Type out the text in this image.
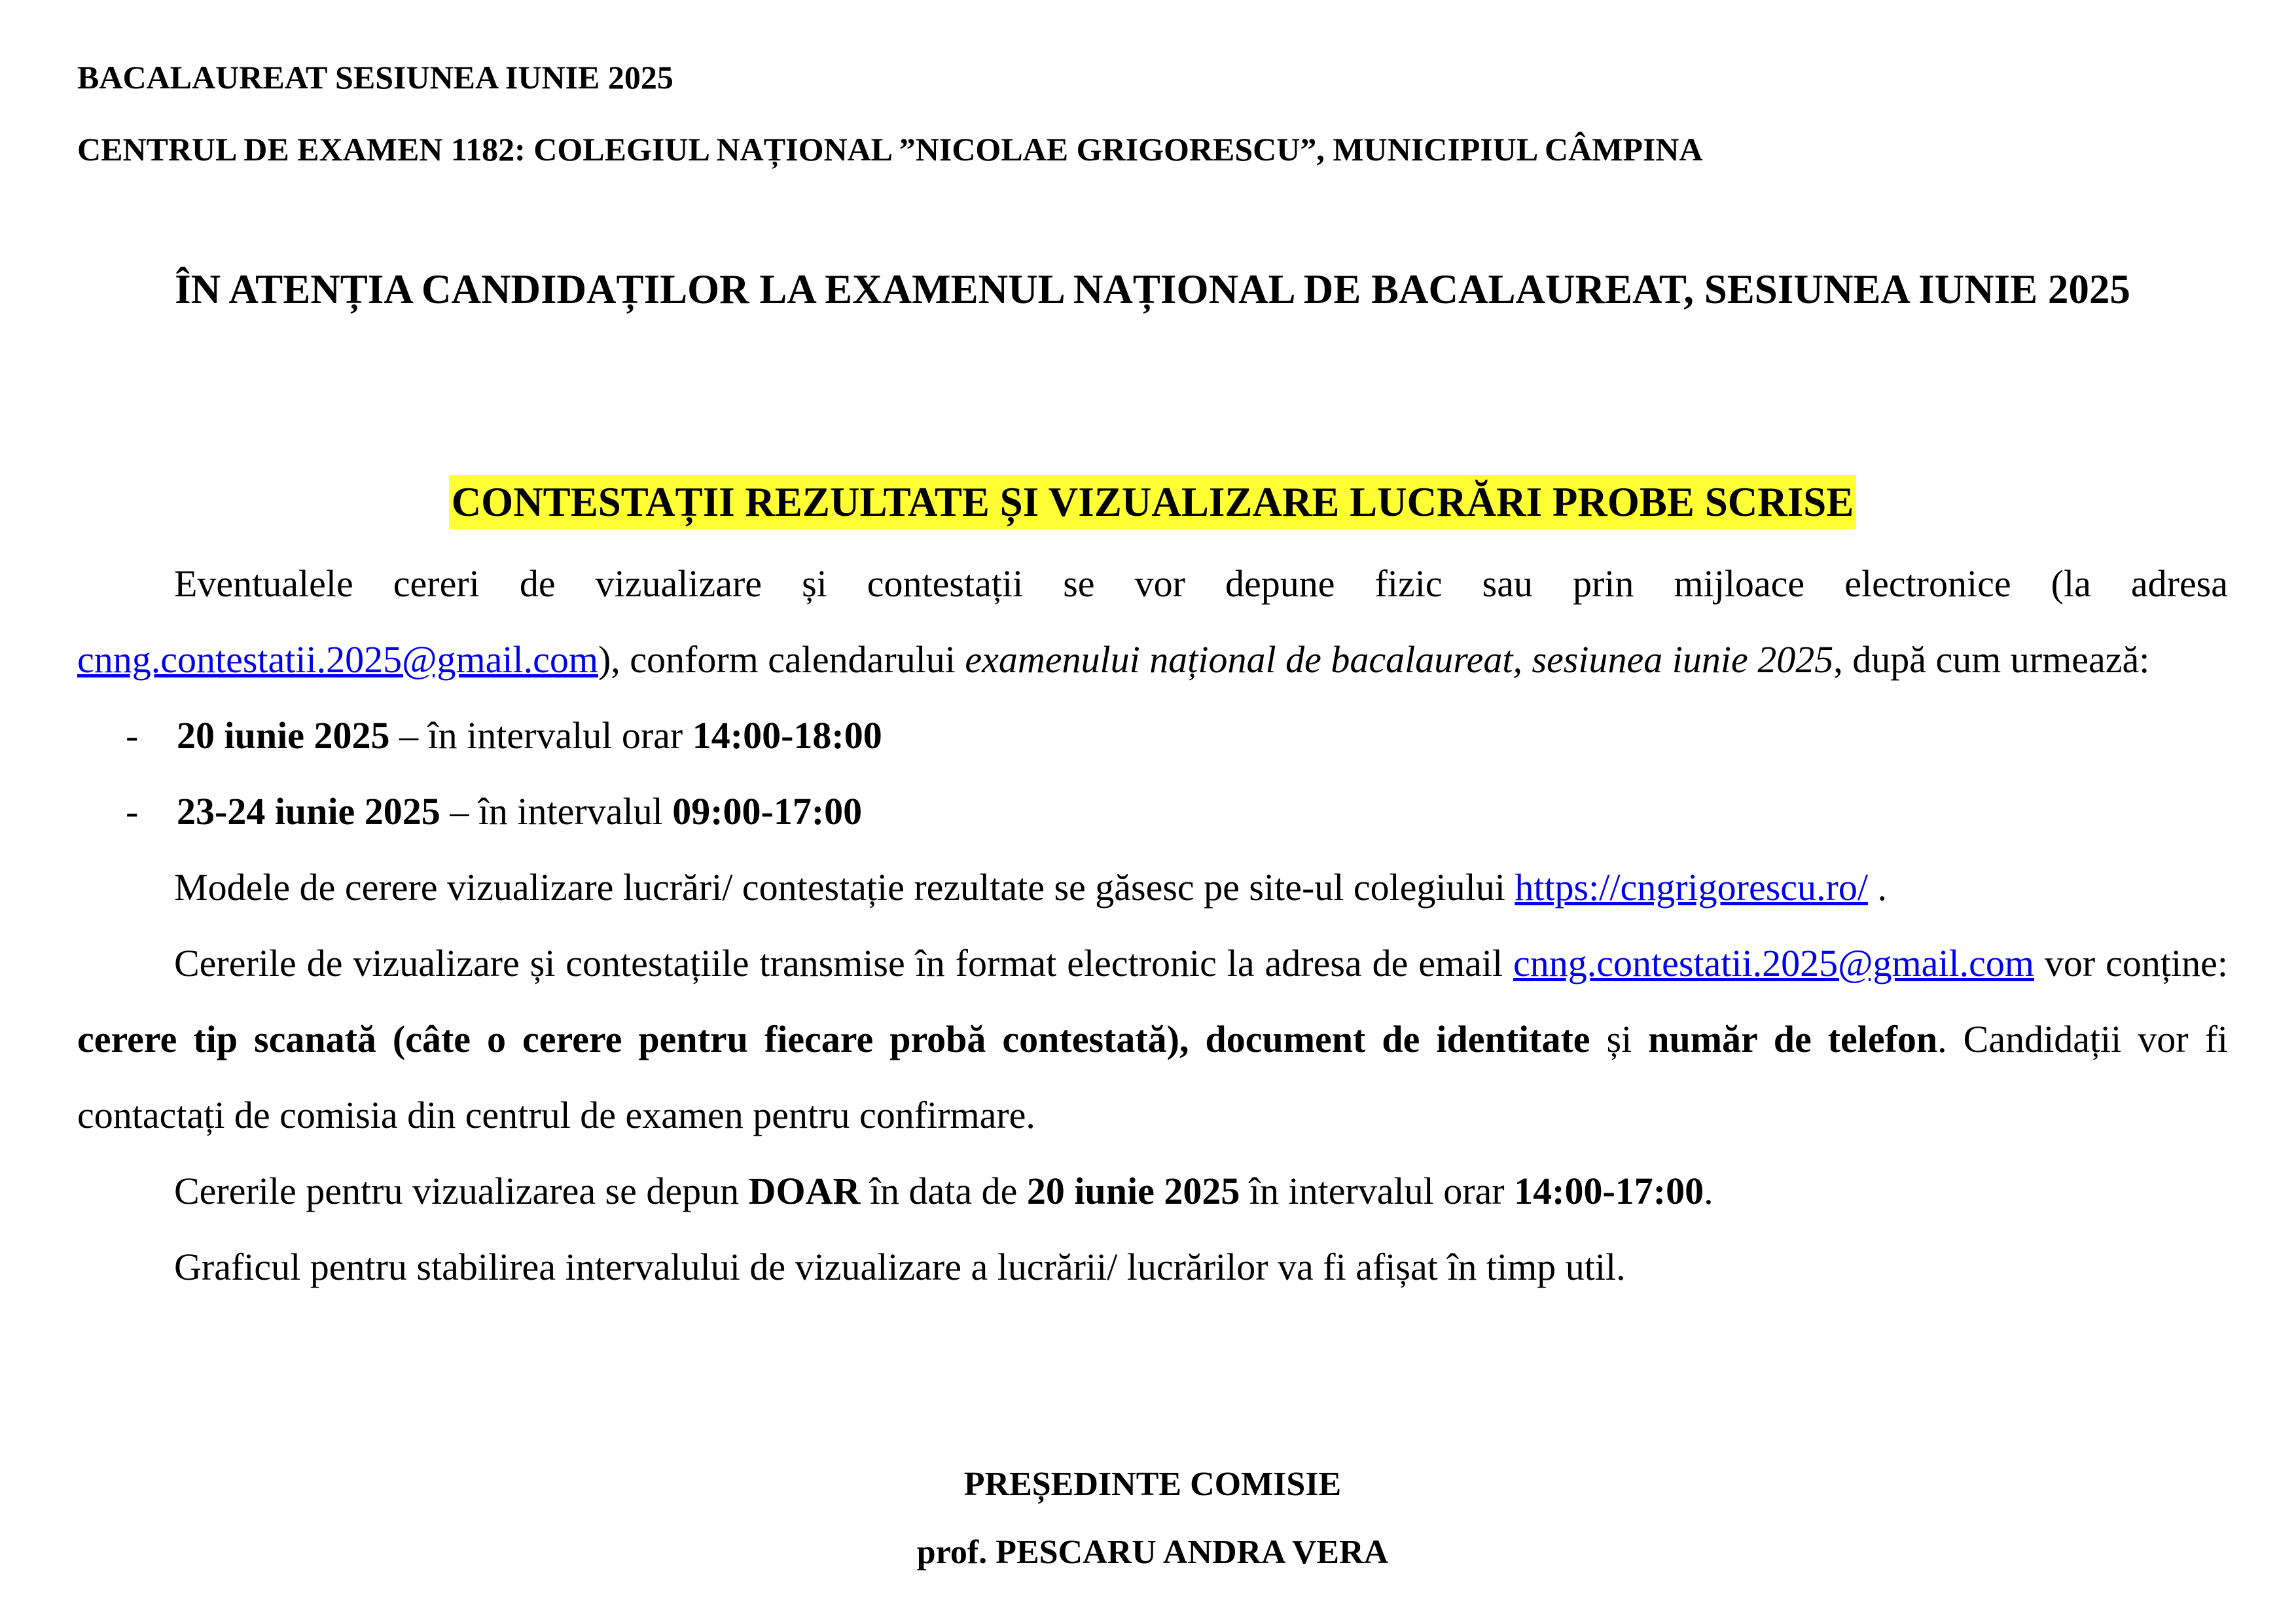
BACALAUREAT SESIUNEA IUNIE 2025

CENTRUL DE EXAMEN 1182: COLEGIUL NAȚIONAL ”NICOLAE GRIGORESCU”, MUNICIPIUL CÂMPINA

ÎN ATENȚIA CANDIDAȚILOR LA EXAMENUL NAȚIONAL DE BACALAUREAT, SESIUNEA IUNIE 2025

CONTESTAȚII REZULTATE ȘI VIZUALIZARE LUCRĂRI PROBE SCRISE

Eventualele cereri de vizualizare și contestații se vor depune fizic sau prin mijloace electronice (la adresa cnng.contestatii.2025@gmail.com), conform calendarului examenului național de bacalaureat, sesiunea iunie 2025, după cum urmează:

- 20 iunie 2025 – în intervalul orar 14:00-18:00

- 23-24 iunie 2025 – în intervalul 09:00-17:00

Modele de cerere vizualizare lucrări/ contestație rezultate se găsesc pe site-ul colegiului https://cngrigorescu.ro/ .

Cererile de vizualizare și contestațiile transmise în format electronic la adresa de email cnng.contestatii.2025@gmail.com vor conține: cerere tip scanată (câte o cerere pentru fiecare probă contestată), document de identitate și număr de telefon. Candidații vor fi contactați de comisia din centrul de examen pentru confirmare.

Cererile pentru vizualizarea se depun DOAR în data de 20 iunie 2025 în intervalul orar 14:00-17:00.

Graficul pentru stabilirea intervalului de vizualizare a lucrării/ lucrărilor va fi afișat în timp util.

PREȘEDINTE COMISIE

prof. PESCARU ANDRA VERA
